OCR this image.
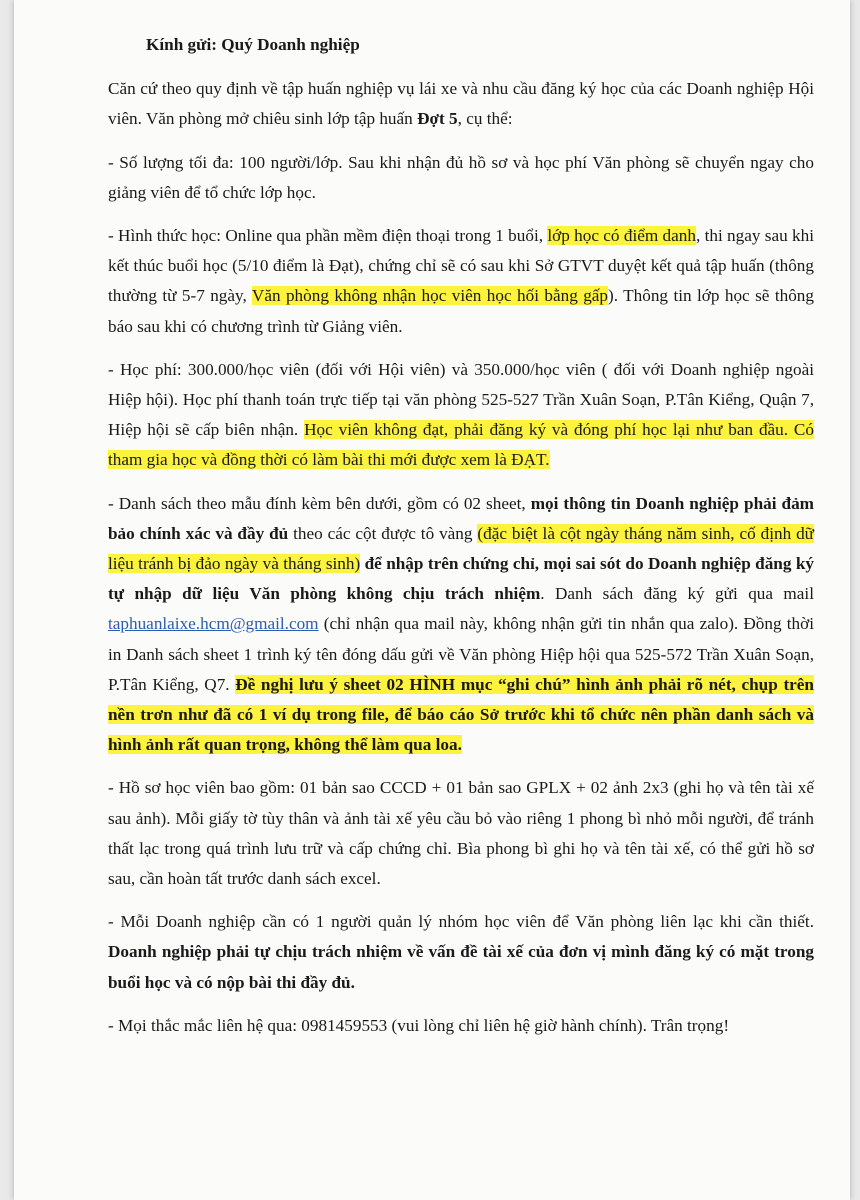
Kính gửi: Quý Doanh nghiệp

Căn cứ theo quy định về tập huấn nghiệp vụ lái xe và nhu cầu đăng ký học của các Doanh nghiệp Hội viên. Văn phòng mở chiêu sinh lớp tập huấn Đợt 5, cụ thể:

- Số lượng tối đa: 100 người/lớp. Sau khi nhận đủ hồ sơ và học phí Văn phòng sẽ chuyển ngay cho giảng viên để tổ chức lớp học.

- Hình thức học: Online qua phần mềm điện thoại trong 1 buổi, lớp học có điểm danh, thi ngay sau khi kết thúc buổi học (5/10 điểm là Đạt), chứng chỉ sẽ có sau khi Sở GTVT duyệt kết quả tập huấn (thông thường từ 5-7 ngày, Văn phòng không nhận học viên học hối bằng gấp). Thông tin lớp học sẽ thông báo sau khi có chương trình từ Giảng viên.

- Học phí: 300.000/học viên (đối với Hội viên) và 350.000/học viên ( đối với Doanh nghiệp ngoài Hiệp hội). Học phí thanh toán trực tiếp tại văn phòng 525-527 Trần Xuân Soạn, P.Tân Kiểng, Quận 7, Hiệp hội sẽ cấp biên nhận. Học viên không đạt, phải đăng ký và đóng phí học lại như ban đầu. Có tham gia học và đồng thời có làm bài thi mới được xem là ĐẠT.

- Danh sách theo mẫu đính kèm bên dưới, gồm có 02 sheet, mọi thông tin Doanh nghiệp phải đảm bảo chính xác và đầy đủ theo các cột được tô vàng (đặc biệt là cột ngày tháng năm sinh, cố định dữ liệu tránh bị đảo ngày và tháng sinh) để nhập trên chứng chỉ, mọi sai sót do Doanh nghiệp đăng ký tự nhập dữ liệu Văn phòng không chịu trách nhiệm. Danh sách đăng ký gửi qua mail taphuanlaixe.hcm@gmail.com (chỉ nhận qua mail này, không nhận gửi tin nhắn qua zalo). Đồng thời in Danh sách sheet 1 trình ký tên đóng dấu gửi về Văn phòng Hiệp hội qua 525-572 Trần Xuân Soạn, P.Tân Kiểng, Q7. Đề nghị lưu ý sheet 02 HÌNH mục “ghi chú” hình ảnh phải rõ nét, chụp trên nền trơn như đã có 1 ví dụ trong file, để báo cáo Sở trước khi tổ chức nên phần danh sách và hình ảnh rất quan trọng, không thể làm qua loa.

- Hồ sơ học viên bao gồm: 01 bản sao CCCD + 01 bản sao GPLX + 02 ảnh 2x3 (ghi họ và tên tài xế sau ảnh). Mỗi giấy tờ tùy thân và ảnh tài xế yêu cầu bỏ vào riêng 1 phong bì nhỏ mỗi người, để tránh thất lạc trong quá trình lưu trữ và cấp chứng chỉ. Bìa phong bì ghi họ và tên tài xế, có thể gửi hồ sơ sau, cần hoàn tất trước danh sách excel.

- Mỗi Doanh nghiệp cần có 1 người quản lý nhóm học viên để Văn phòng liên lạc khi cần thiết. Doanh nghiệp phải tự chịu trách nhiệm về vấn đề tài xế của đơn vị mình đăng ký có mặt trong buổi học và có nộp bài thi đầy đủ.

- Mọi thắc mắc liên hệ qua: 0981459553 (vui lòng chỉ liên hệ giờ hành chính). Trân trọng!
